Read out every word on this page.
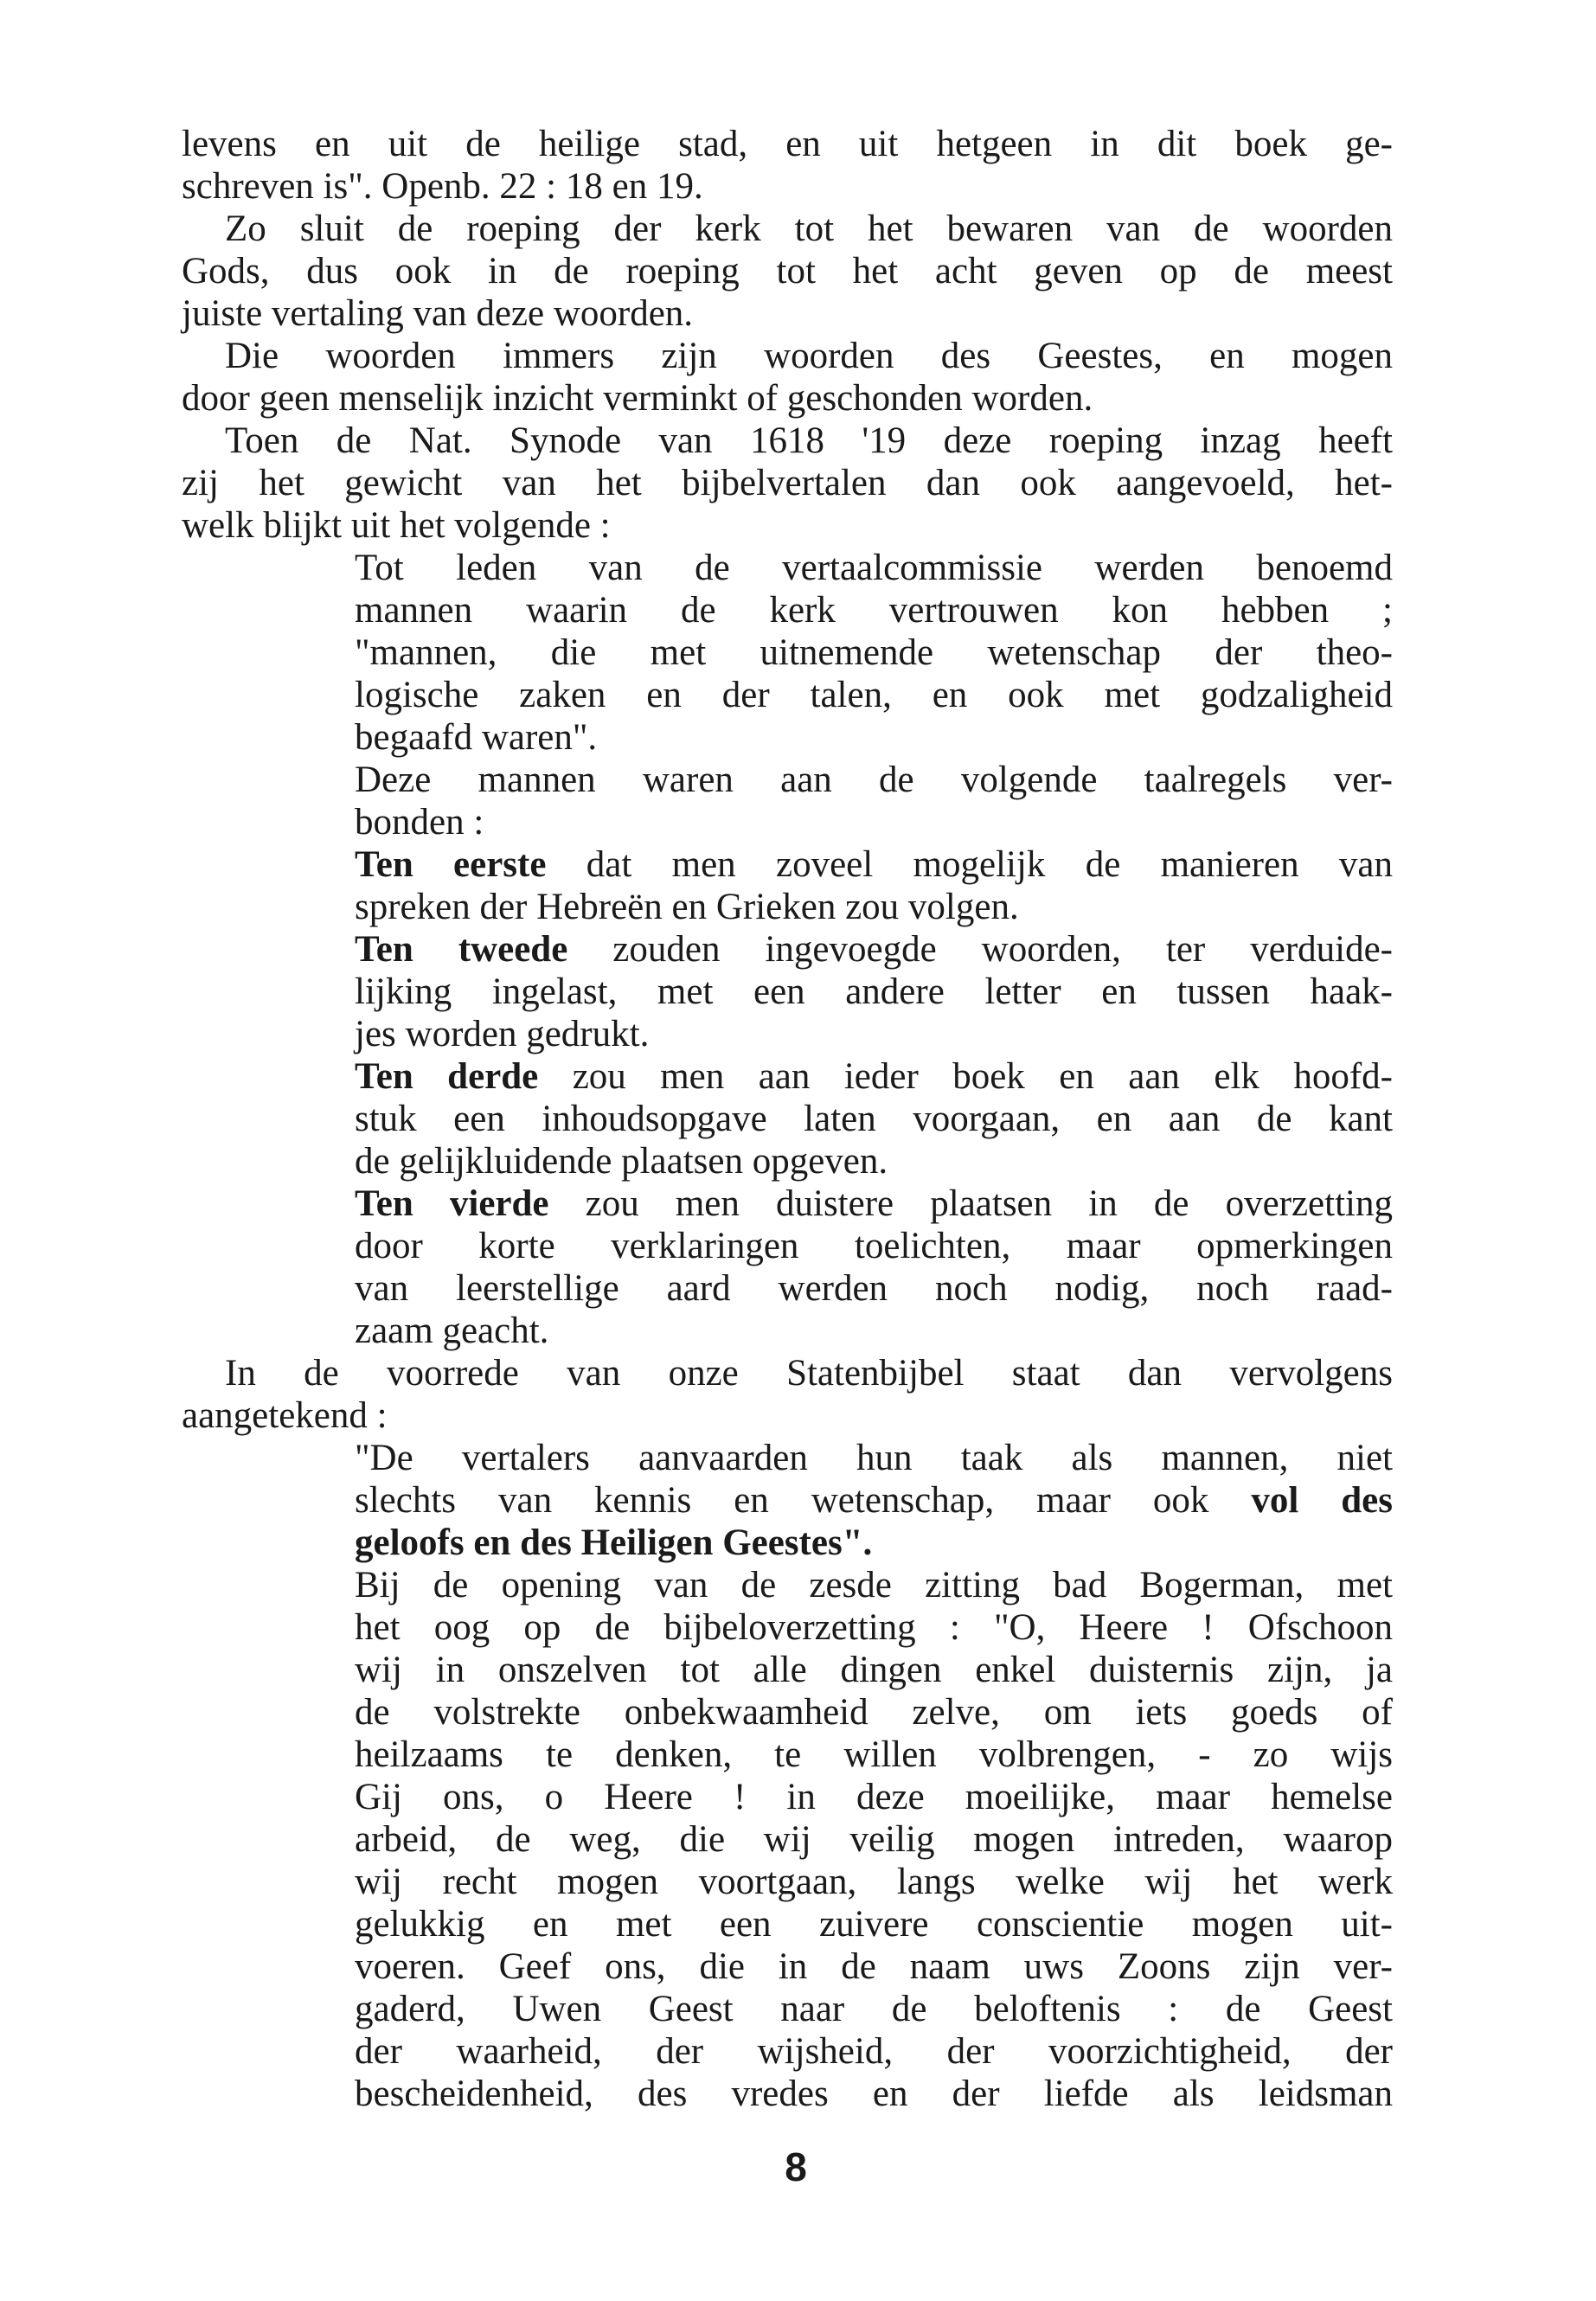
levens en uit de heilige stad, en uit hetgeen in dit boek ge-
schreven is". Openb. 22 : 18 en 19.
Zo sluit de roeping der kerk tot het bewaren van de woorden
Gods, dus ook in de roeping tot het acht geven op de meest
juiste vertaling van deze woorden.
Die woorden immers zijn woorden des Geestes, en mogen
door geen menselijk inzicht verminkt of geschonden worden.
Toen de Nat. Synode van 1618 '19 deze roeping inzag heeft
zij het gewicht van het bijbelvertalen dan ook aangevoeld, het-
welk blijkt uit het volgende :
Tot leden van de vertaalcommissie werden benoemd
mannen waarin de kerk vertrouwen kon hebben ;
"mannen, die met uitnemende wetenschap der theo-
logische zaken en der talen, en ook met godzaligheid
begaafd waren".
Deze mannen waren aan de volgende taalregels ver-
bonden :
Ten eerste dat men zoveel mogelijk de manieren van
spreken der Hebreën en Grieken zou volgen.
Ten tweede zouden ingevoegde woorden, ter verduide-
lijking ingelast, met een andere letter en tussen haak-
jes worden gedrukt.
Ten derde zou men aan ieder boek en aan elk hoofd-
stuk een inhoudsopgave laten voorgaan, en aan de kant
de gelijkluidende plaatsen opgeven.
Ten vierde zou men duistere plaatsen in de overzetting
door korte verklaringen toelichten, maar opmerkingen
van leerstellige aard werden noch nodig, noch raad-
zaam geacht.
In de voorrede van onze Statenbijbel staat dan vervolgens
aangetekend :
"De vertalers aanvaarden hun taak als mannen, niet
slechts van kennis en wetenschap, maar ook vol des
geloofs en des Heiligen Geestes".
Bij de opening van de zesde zitting bad Bogerman, met
het oog op de bijbeloverzetting : "O, Heere ! Ofschoon
wij in onszelven tot alle dingen enkel duisternis zijn, ja
de volstrekte onbekwaamheid zelve, om iets goeds of
heilzaams te denken, te willen volbrengen, - zo wijs
Gij ons, o Heere ! in deze moeilijke, maar hemelse
arbeid, de weg, die wij veilig mogen intreden, waarop
wij recht mogen voortgaan, langs welke wij het werk
gelukkig en met een zuivere conscientie mogen uit-
voeren. Geef ons, die in de naam uws Zoons zijn ver-
gaderd, Uwen Geest naar de beloftenis : de Geest
der waarheid, der wijsheid, der voorzichtigheid, der
bescheidenheid, des vredes en der liefde als leidsman
8
